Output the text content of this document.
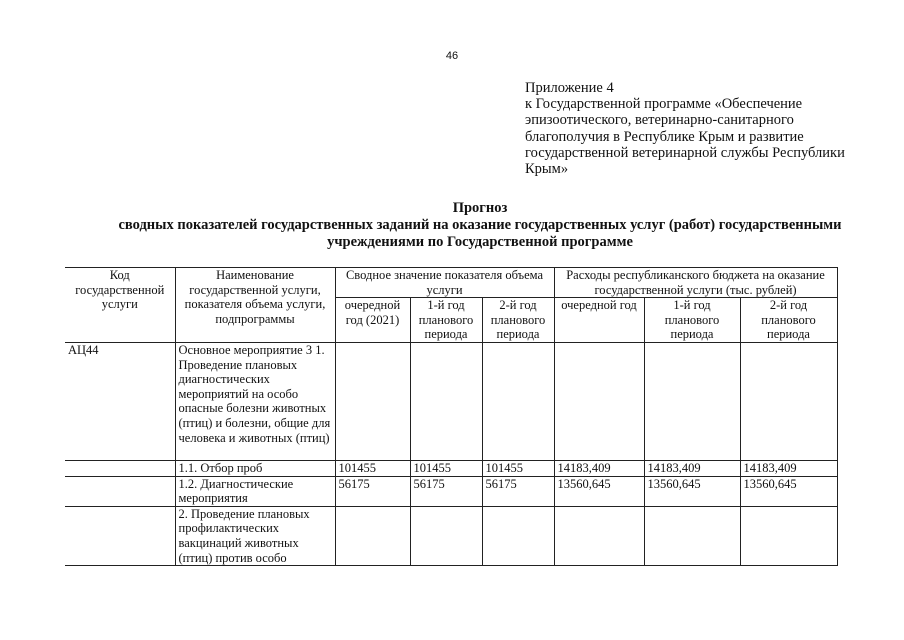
46
Приложение 4
к Государственной программе «Обеспечение
эпизоотического, ветеринарно-санитарного
благополучия в Республике Крым и развитие
государственной ветеринарной службы Республики
Крым»
Прогноз
сводных показателей государственных заданий на оказание государственных услуг (работ) государственными
учреждениями по Государственной программе
Код государственной услуги	Наименование государственной услуги, показателя объема услуги, подпрограммы	Сводное значение показателя объема услуги			Расходы республиканского бюджета на оказание государственной услуги (тыс. рублей)		
		очередной год (2021)	1-й год планового периода	2-й год планового периода	очередной год	1-й год планового периода	2-й год планового периода
АЦ44	Основное мероприятие 3 1. Проведение плановых диагностических мероприятий на особо опасные болезни животных (птиц) и болезни, общие для человека и животных (птиц)						
	1.1. Отбор проб	101455	101455	101455	14183,409	14183,409	14183,409
	1.2. Диагностические мероприятия	56175	56175	56175	13560,645	13560,645	13560,645
	2. Проведение плановых профилактических вакцинаций животных (птиц) против особо						
